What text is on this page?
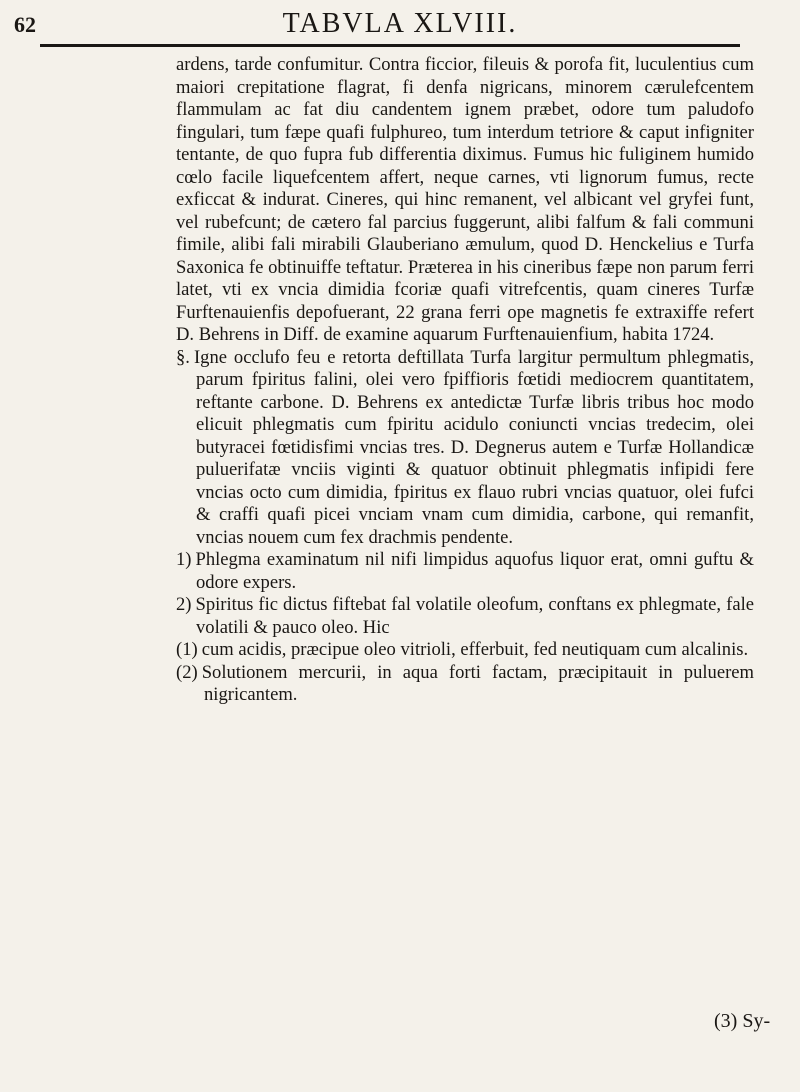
62	TABVLA XLVIII.

ardens, tarde confumitur. Contra ficcior, fileuis & porofa fit, luculentius cum maiori crepitatione flagrat, fi denfa nigricans, minorem cærulefcentem flammulam ac fat diu candentem ignem præbet, odore tum paludofo fingulari, tum fæpe quafi fulphureo, tum interdum tetriore & caput infigniter tentante, de quo fupra fub differentia diximus. Fumus hic fuliginem humido cœlo facile liquefcentem affert, neque carnes, vti lignorum fumus, recte exficcat & indurat. Cineres, qui hinc remanent, vel albicant vel gryfei funt, vel rubefcunt; de cætero fal parcius fuggerunt, alibi falfum & fali communi fimile, alibi fali mirabili Glauberiano æmulum, quod D. Henckelius e Turfa Saxonica fe obtinuiffe teftatur. Præterea in his cineribus fæpe non parum ferri latet, vti ex vncia dimidia fcoriæ quafi vitrefcentis, quam cineres Turfæ Furftenauienfis depofuerant, 22 grana ferri ope magnetis fe extraxiffe refert D. Behrens in Diff. de examine aquarum Furftenauienfium, habita 1724.

§. Igne occlufo feu e retorta deftillata Turfa largitur permultum phlegmatis, parum fpiritus falini, olei vero fpiffioris fœtidi mediocrem quantitatem, reftante carbone. D. Behrens ex antedictæ Turfæ libris tribus hoc modo elicuit phlegmatis cum fpiritu acidulo coniuncti vncias tredecim, olei butyracei fœtidisfimi vncias tres. D. Degnerus autem e Turfæ Hollandicæ puluerifatæ vnciis viginti & quatuor obtinuit phlegmatis infipidi fere vncias octo cum dimidia, fpiritus ex flauo rubri vncias quatuor, olei fufci & craffi quafi picei vnciam vnam cum dimidia, carbone, qui remanfit, vncias nouem cum fex drachmis pendente.

1) Phlegma examinatum nil nifi limpidus aquofus liquor erat, omni guftu & odore expers.

2) Spiritus fic dictus fiftebat fal volatile oleofum, conftans ex phlegmate, fale volatili & pauco oleo. Hic

(1) cum acidis, præcipue oleo vitrioli, efferbuit, fed neutiquam cum alcalinis.

(2) Solutionem mercurii, in aqua forti factam, præcipitauit in puluerem nigricantem.

(3) Sy-
